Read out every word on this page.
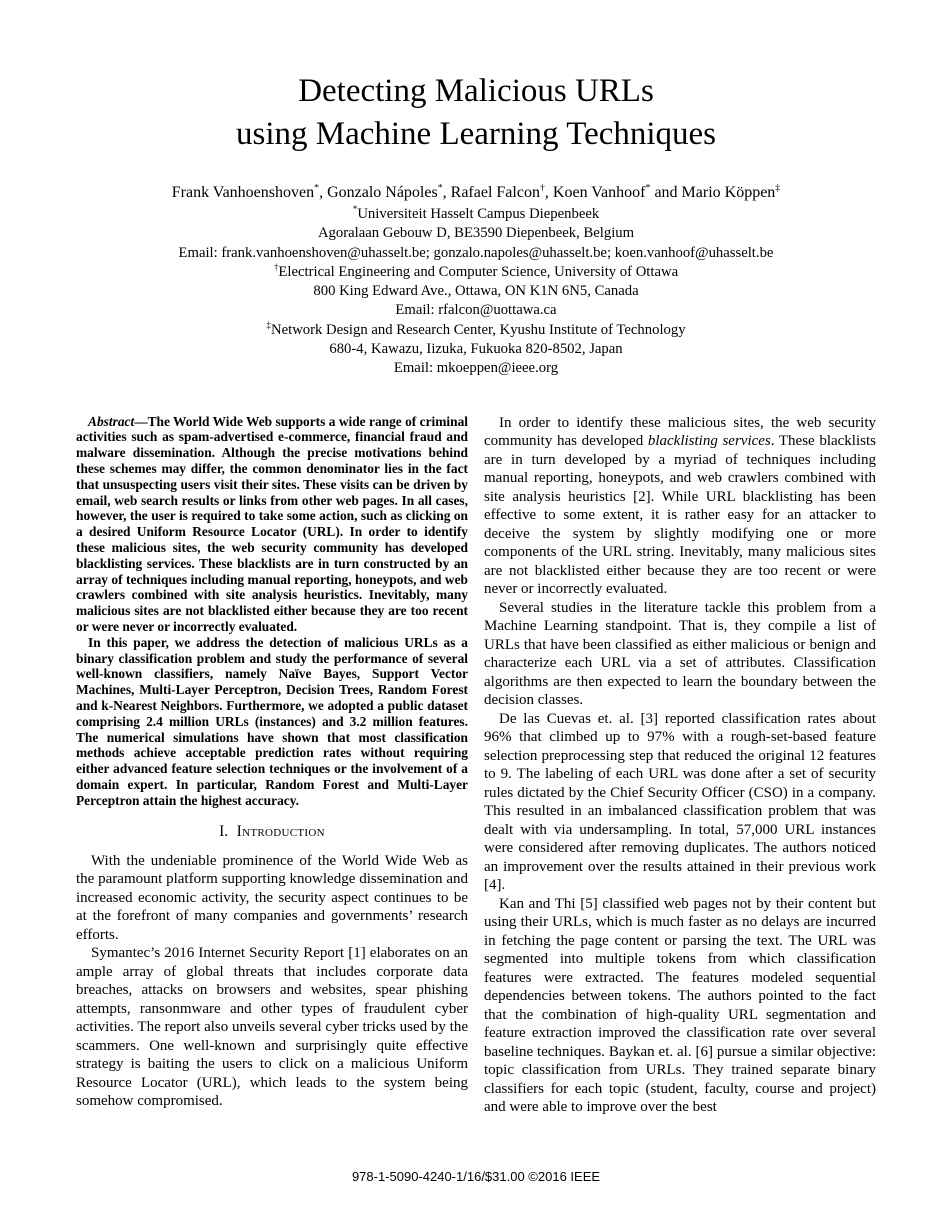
Detecting Malicious URLs
using Machine Learning Techniques
Frank Vanhoenshoven*, Gonzalo Nápoles*, Rafael Falcon†, Koen Vanhoof* and Mario Köppen‡
*Universiteit Hasselt Campus Diepenbeek
Agoralaan Gebouw D, BE3590 Diepenbeek, Belgium
Email: frank.vanhoenshoven@uhasselt.be; gonzalo.napoles@uhasselt.be; koen.vanhoof@uhasselt.be
†Electrical Engineering and Computer Science, University of Ottawa
800 King Edward Ave., Ottawa, ON K1N 6N5, Canada
Email: rfalcon@uottawa.ca
‡Network Design and Research Center, Kyushu Institute of Technology
680-4, Kawazu, Iizuka, Fukuoka 820-8502, Japan
Email: mkoeppen@ieee.org

Abstract—The World Wide Web supports a wide range of criminal activities such as spam-advertised e-commerce, financial fraud and malware dissemination. Although the precise motivations behind these schemes may differ, the common denominator lies in the fact that unsuspecting users visit their sites. These visits can be driven by email, web search results or links from other web pages. In all cases, however, the user is required to take some action, such as clicking on a desired Uniform Resource Locator (URL). In order to identify these malicious sites, the web security community has developed blacklisting services. These blacklists are in turn constructed by an array of techniques including manual reporting, honeypots, and web crawlers combined with site analysis heuristics. Inevitably, many malicious sites are not blacklisted either because they are too recent or were never or incorrectly evaluated.

In this paper, we address the detection of malicious URLs as a binary classification problem and study the performance of several well-known classifiers, namely Naïve Bayes, Support Vector Machines, Multi-Layer Perceptron, Decision Trees, Random Forest and k-Nearest Neighbors. Furthermore, we adopted a public dataset comprising 2.4 million URLs (instances) and 3.2 million features. The numerical simulations have shown that most classification methods achieve acceptable prediction rates without requiring either advanced feature selection techniques or the involvement of a domain expert. In particular, Random Forest and Multi-Layer Perceptron attain the highest accuracy.

I. Introduction

With the undeniable prominence of the World Wide Web as the paramount platform supporting knowledge dissemination and increased economic activity, the security aspect continues to be at the forefront of many companies and governments’ research efforts.

Symantec’s 2016 Internet Security Report [1] elaborates on an ample array of global threats that includes corporate data breaches, attacks on browsers and websites, spear phishing attempts, ransonmware and other types of fraudulent cyber activities. The report also unveils several cyber tricks used by the scammers. One well-known and surprisingly quite effective strategy is baiting the users to click on a malicious Uniform Resource Locator (URL), which leads to the system being somehow compromised.

In order to identify these malicious sites, the web security community has developed blacklisting services. These blacklists are in turn developed by a myriad of techniques including manual reporting, honeypots, and web crawlers combined with site analysis heuristics [2]. While URL blacklisting has been effective to some extent, it is rather easy for an attacker to deceive the system by slightly modifying one or more components of the URL string. Inevitably, many malicious sites are not blacklisted either because they are too recent or were never or incorrectly evaluated.

Several studies in the literature tackle this problem from a Machine Learning standpoint. That is, they compile a list of URLs that have been classified as either malicious or benign and characterize each URL via a set of attributes. Classification algorithms are then expected to learn the boundary between the decision classes.

De las Cuevas et. al. [3] reported classification rates about 96% that climbed up to 97% with a rough-set-based feature selection preprocessing step that reduced the original 12 features to 9. The labeling of each URL was done after a set of security rules dictated by the Chief Security Officer (CSO) in a company. This resulted in an imbalanced classification problem that was dealt with via undersampling. In total, 57,000 URL instances were considered after removing duplicates. The authors noticed an improvement over the results attained in their previous work [4].

Kan and Thi [5] classified web pages not by their content but using their URLs, which is much faster as no delays are incurred in fetching the page content or parsing the text. The URL was segmented into multiple tokens from which classification features were extracted. The features modeled sequential dependencies between tokens. The authors pointed to the fact that the combination of high-quality URL segmentation and feature extraction improved the classification rate over several baseline techniques. Baykan et. al. [6] pursue a similar objective: topic classification from URLs. They trained separate binary classifiers for each topic (student, faculty, course and project) and were able to improve over the best

978-1-5090-4240-1/16/$31.00 ©2016 IEEE
